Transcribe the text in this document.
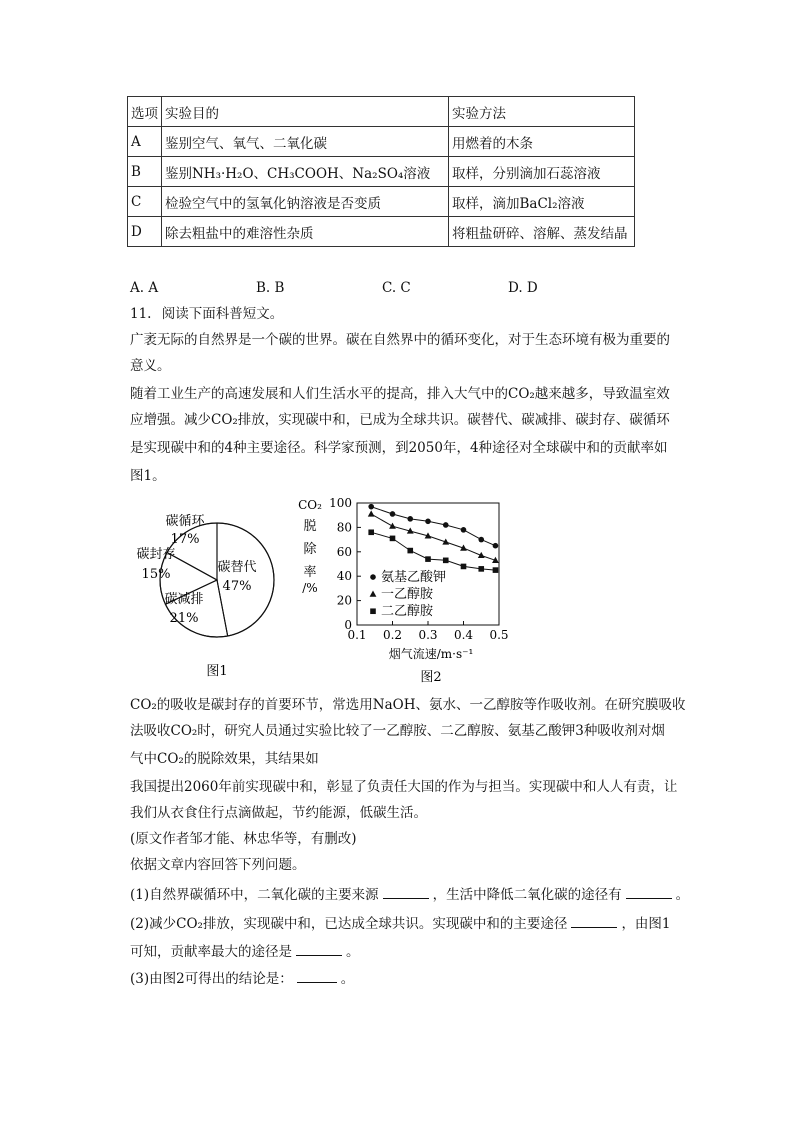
选项	实验目的	实验方法
A	鉴别空气、氧气、二氧化碳	用燃着的木条
B	鉴别NH₃·H₂O、CH₃COOH、Na₂SO₄溶液	取样，分别滴加石蕊溶液
C	检验空气中的氢氧化钠溶液是否变质	取样，滴加BaCl₂溶液
D	除去粗盐中的难溶性杂质	将粗盐研碎、溶解、蒸发结晶
A. A	B. B	C. C	D. D
11. 阅读下面科普短文。
广袤无际的自然界是一个碳的世界。碳在自然界中的循环变化，对于生态环境有极为重要的
意义。
随着工业生产的高速发展和人们生活水平的提高，排入大气中的CO₂越来越多，导致温室效
应增强。减少CO₂排放，实现碳中和，已成为全球共识。碳替代、碳减排、碳封存、碳循环
是实现碳中和的4种主要途径。科学家预测，到2050年，4种途径对全球碳中和的贡献率如
图1。
碳替代
47%
碳减排
21%
碳封存
15%
碳循环
17%
图1
CO₂
脱
除
率
/%
0
20
40
60
80
100
0.1 0.2 0.3 0.4 0.5
氨基乙酸钾
一乙醇胺
二乙醇胺
烟气流速/m·s⁻¹
图2
CO₂的吸收是碳封存的首要环节，常选用NaOH、氨水、一乙醇胺等作吸收剂。在研究膜吸收
法吸收CO₂时，研究人员通过实验比较了一乙醇胺、二乙醇胺、氨基乙酸钾3种吸收剂对烟
气中CO₂的脱除效果，其结果如
我国提出2060年前实现碳中和，彰显了负责任大国的作为与担当。实现碳中和人人有责，让
我们从衣食住行点滴做起，节约能源，低碳生活。
(原文作者邹才能、林忠华等，有删改)
依据文章内容回答下列问题。
(1)自然界碳循环中，二氧化碳的主要来源	，生活中降低二氧化碳的途径有	。
(2)减少CO₂排放，实现碳中和，已达成全球共识。实现碳中和的主要途径	，由图1
可知，贡献率最大的途径是	。
(3)由图2可得出的结论是：	。
